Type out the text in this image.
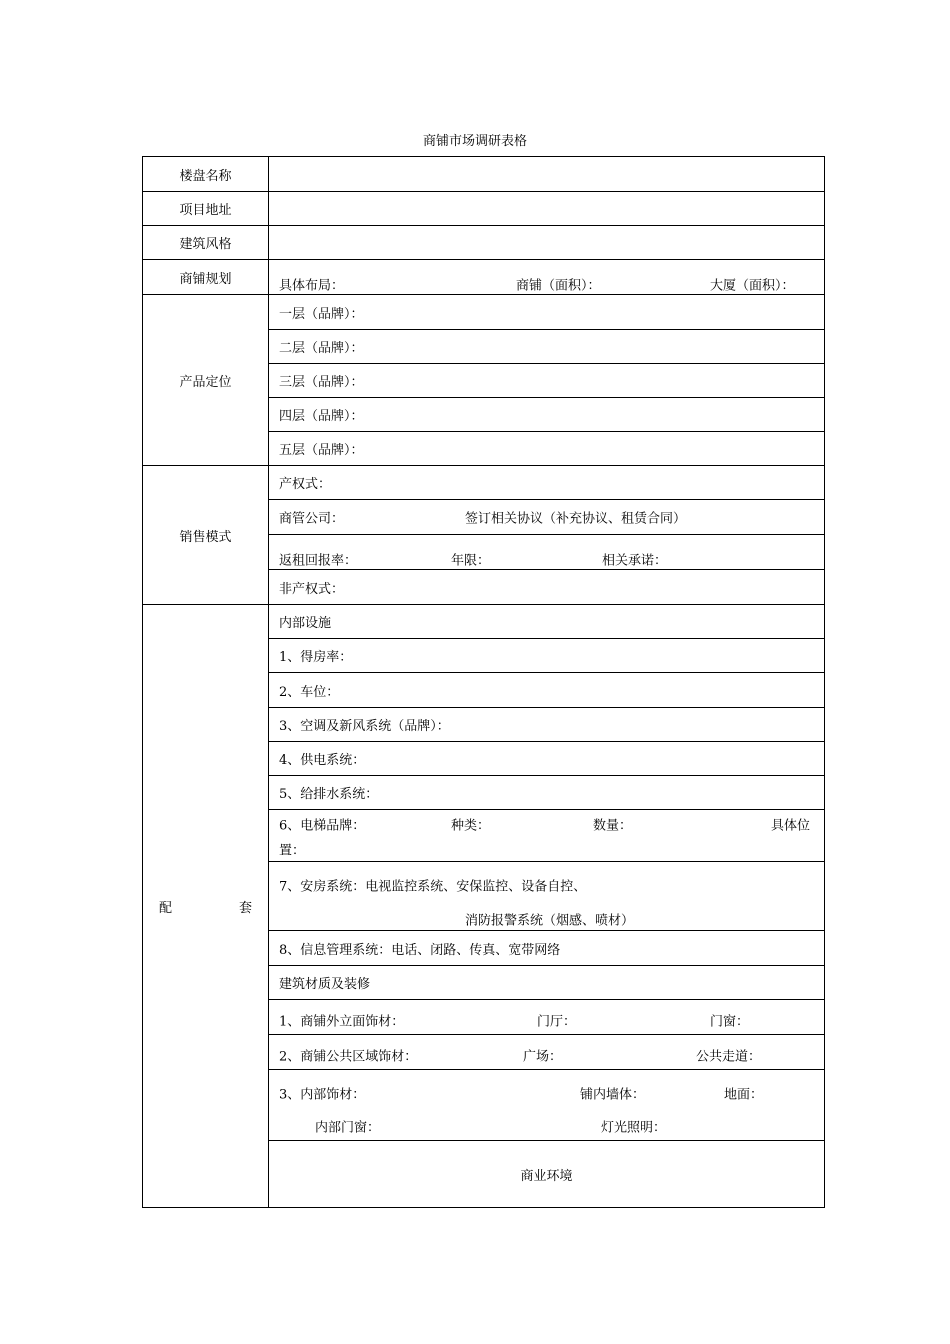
商铺市场调研表格
楼盘名称		
项目地址		
建筑风格		
商铺规划	具体布局： 商铺（面积）： 大厦（面积）：	

产品定位	一层（品牌）：	
	二层（品牌）：	
	三层（品牌）：	
	四层（品牌）：	
	五层（品牌）：	
销售模式	产权式：	

	商管公司： 签订相关协议（补充协议、租赁合同）	

	返租回报率： 年限： 相关承诺：	

	非产权式：	

配 套	内部设施	
	1、得房率：	
	2、车位：	
	3、空调及新风系统（品牌）：	
	4、供电系统：	
	5、给排水系统：	

	6、电梯品牌： 种类： 数量： 具体位
置：	

	7、安房系统：电视监控系统、安保监控、设备自控、
消防报警系统（烟感、喷材）	

	8、信息管理系统：电话、闭路、传真、宽带网络	
	建筑材质及装修	

	1、商铺外立面饰材： 门厅： 门窗：	

	2、商铺公共区域饰材： 广场： 公共走道：	

	3、内部饰材： 铺内墙体： 地面：
内部门窗： 灯光照明：	

	商业环境	
